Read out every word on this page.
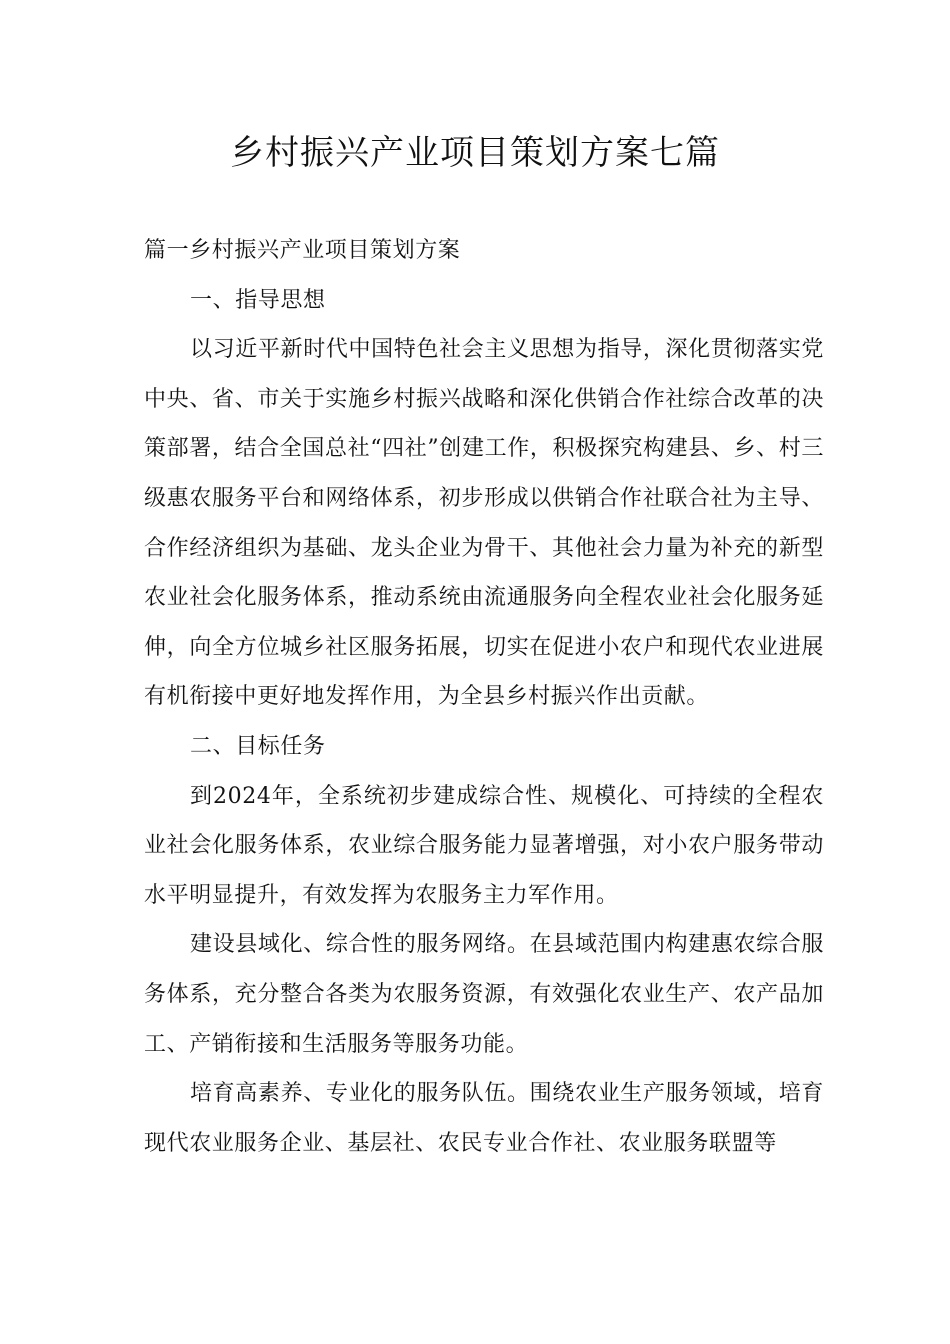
乡村振兴产业项目策划方案七篇

篇一乡村振兴产业项目策划方案

一、指导思想

以习近平新时代中国特色社会主义思想为指导，深化贯彻落实党中央、省、市关于实施乡村振兴战略和深化供销合作社综合改革的决策部署，结合全国总社“四社”创建工作，积极探究构建县、乡、村三级惠农服务平台和网络体系，初步形成以供销合作社联合社为主导、合作经济组织为基础、龙头企业为骨干、其他社会力量为补充的新型农业社会化服务体系，推动系统由流通服务向全程农业社会化服务延伸，向全方位城乡社区服务拓展，切实在促进小农户和现代农业进展有机衔接中更好地发挥作用，为全县乡村振兴作出贡献。

二、目标任务

到2024年，全系统初步建成综合性、规模化、可持续的全程农业社会化服务体系，农业综合服务能力显著增强，对小农户服务带动水平明显提升，有效发挥为农服务主力军作用。

建设县域化、综合性的服务网络。在县域范围内构建惠农综合服务体系，充分整合各类为农服务资源，有效强化农业生产、农产品加工、产销衔接和生活服务等服务功能。

培育高素养、专业化的服务队伍。围绕农业生产服务领域，培育现代农业服务企业、基层社、农民专业合作社、农业服务联盟等
